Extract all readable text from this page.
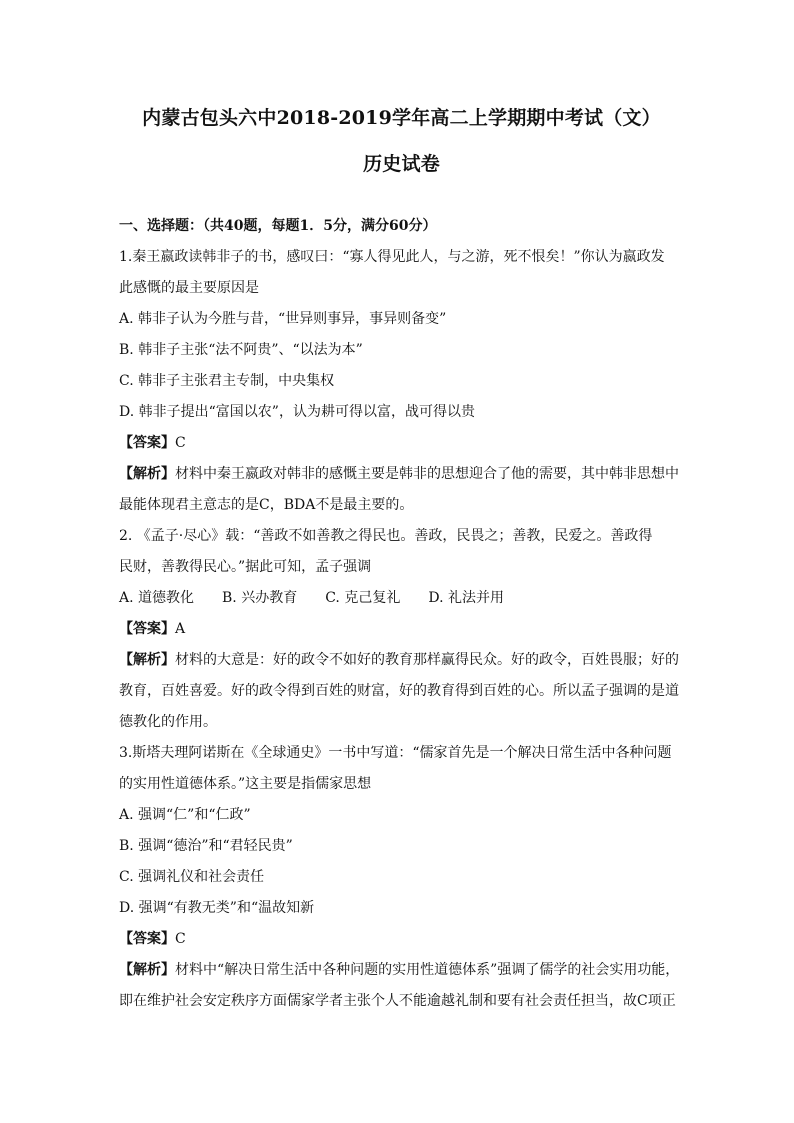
内蒙古包头六中2018-2019学年高二上学期期中考试（文）
历史试卷
一、选择题：（共40题，每题1．5分，满分60分）
1.秦王嬴政读韩非子的书，感叹曰：“寡人得见此人，与之游，死不恨矣！”你认为嬴政发
此感慨的最主要原因是
A. 韩非子认为今胜与昔，“世异则事异，事异则备变”
B. 韩非子主张“法不阿贵”、“以法为本”
C. 韩非子主张君主专制，中央集权
D. 韩非子提出“富国以农”，认为耕可得以富，战可得以贵
【答案】C
【解析】材料中秦王嬴政对韩非的感慨主要是韩非的思想迎合了他的需要，其中韩非思想中
最能体现君主意志的是C，BDA不是最主要的。
2. 《孟子·尽心》载：“善政不如善教之得民也。善政，民畏之；善教，民爱之。善政得
民财，善教得民心。”据此可知，孟子强调
A. 道德教化 B. 兴办教育 C. 克己复礼 D. 礼法并用
【答案】A
【解析】材料的大意是：好的政令不如好的教育那样赢得民众。好的政令，百姓畏服；好的
教育，百姓喜爱。好的政令得到百姓的财富，好的教育得到百姓的心。所以孟子强调的是道
德教化的作用。
3.斯塔夫理阿诺斯在《全球通史》一书中写道：“儒家首先是一个解决日常生活中各种问题
的实用性道德体系。”这主要是指儒家思想
A. 强调“仁”和“仁政”
B. 强调“德治”和“君轻民贵”
C. 强调礼仪和社会责任
D. 强调“有教无类”和“温故知新
【答案】C
【解析】材料中“解决日常生活中各种问题的实用性道德体系”强调了儒学的社会实用功能，
即在维护社会安定秩序方面儒家学者主张个人不能逾越礼制和要有社会责任担当，故C项正
